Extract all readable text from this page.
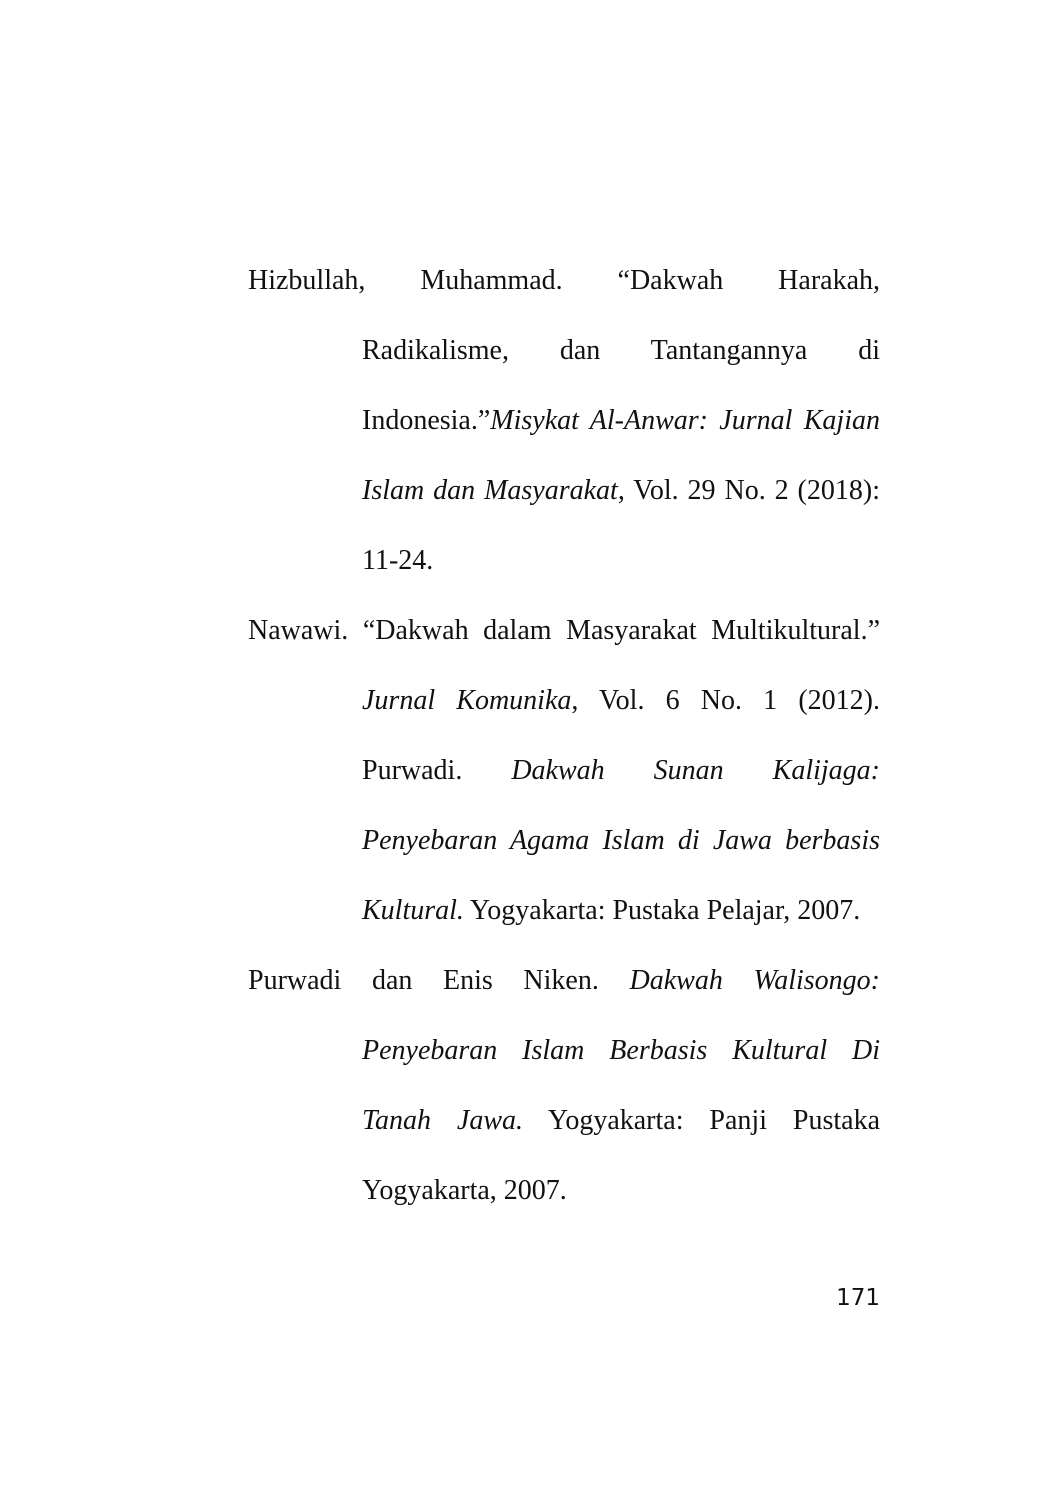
Hizbullah, Muhammad. “Dakwah Harakah, Radikalisme, dan Tantangannya di Indonesia.”Misykat Al-Anwar: Jurnal Kajian Islam dan Masyarakat, Vol. 29 No. 2 (2018): 11-24.

Nawawi. “Dakwah dalam Masyarakat Multikultural.” Jurnal Komunika, Vol. 6 No. 1 (2012). Purwadi. Dakwah Sunan Kalijaga: Penyebaran Agama Islam di Jawa berbasis Kultural. Yogyakarta: Pustaka Pelajar, 2007.

Purwadi dan Enis Niken. Dakwah Walisongo: Penyebaran Islam Berbasis Kultural Di Tanah Jawa. Yogyakarta: Panji Pustaka Yogyakarta, 2007.

171
